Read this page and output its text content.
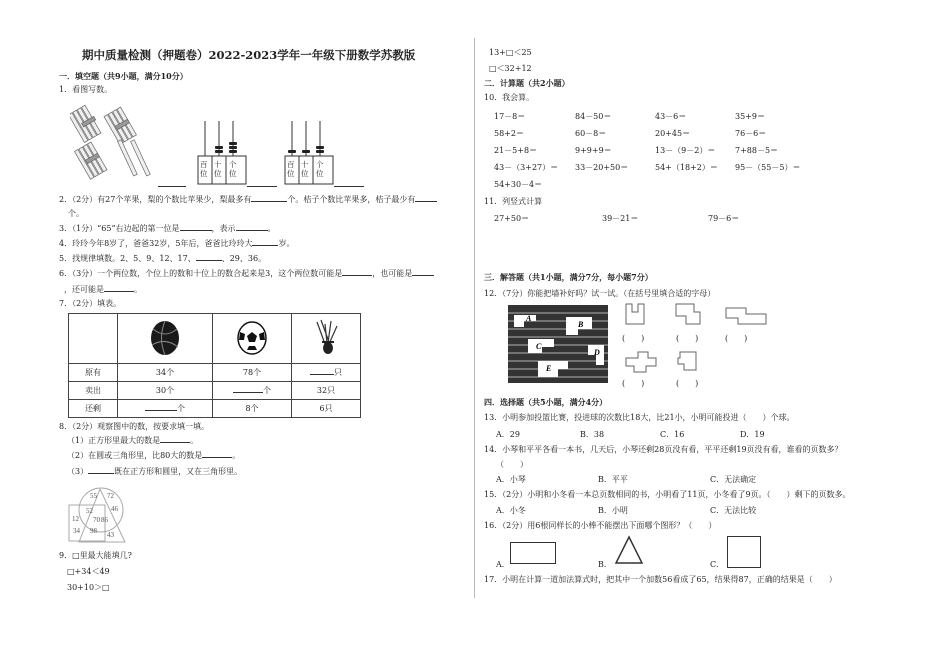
期中质量检测（押题卷）2022-2023学年一年级下册数学苏教版
一．填空题（共9小题，满分10分）
1．看图写数。
百
位
十
位
个
位
百
位
十
位
个
位
2．（2分）有27个苹果，梨的个数比苹果少，梨最多有	个。桔子个数比苹果多，桔子最少有
个。
3．（1分）“65”右边起的第一位是	，表示	。
4．玲玲今年8岁了，爸爸32岁，5年后，爸爸比玲玲大	岁。
5．找规律填数。2、5、9、12、17、	、29、36。
6．（3分）一个两位数，个位上的数和十位上的数合起来是3，这个两位数可能是	，也可能是
，还可能是	。
7．（2分）填表。

原有	34个	78个	只
卖出	30个	个	32只
还剩	个	8个	6只
8．（2分）观察图中的数，按要求填一填。
（1）正方形里最大的数是	。
（2）在圆或三角形里，比80大的数是	。
（3）	既在正方形和圆里，又在三角形里。
55 72
52	46
12 70 86
34 98 43
9．□里最大能填几?
□+34＜49
30+10＞□
13+□＜25
□＜32+12
二．计算题（共2小题）
10．我会算。
17－8＝	84－50＝	43－6＝	35+9＝
58+2＝	60－8＝	20+45＝	76－6＝
21－5+8＝	9+9+9＝	13－（9－2）＝ 7+88－5＝
43－（3+27）＝ 33－20+50＝	54+（18+2）＝ 95－（55－5）＝
54+30－4＝
11．列竖式计算
27+50＝	39－21＝	79－6＝
三．解答题（共1小题，满分7分，每小题7分）
12．（7分）你能把墙补好吗？试一试。（在括号里填合适的字母）
A
B
C
D
E
(　　)	(　　)	(　　)
(　　)	(　　)
四．选择题（共5小题，满分4分）
13．小明参加投篮比赛，投进球的次数比18大，比21小，小明可能投进（　　）个球。
A．29	B．38	C．16	D．19
14．小琴和平平各看一本书，几天后，小琴还剩28页没有看，平平还剩19页没有看，谁看的页数多？
（　　）
A．小琴	B．平平	C．无法确定
15．（2分）小明和小冬看一本总页数相同的书，小明看了11页，小冬看了9页。（　　）剩下的页数多。
A．小冬	B．小明	C．无法比较
16．（2分）用6根同样长的小棒不能摆出下面哪个图形？（　　）
A．	B．	C．
17．小明在计算一道加法算式时，把其中一个加数56看成了65，结果得87，正确的结果是（　　）
